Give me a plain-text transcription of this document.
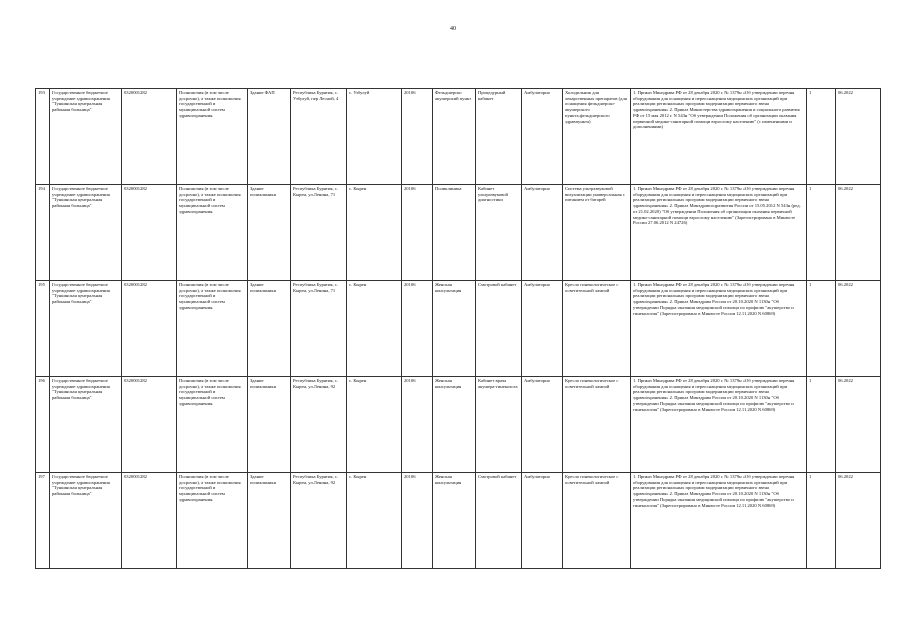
40
193	Государственное бюджетное учреждение здравоохранения "Тункинская центральная районная больница"	0320001282	Полномочия (в том числе досрочно), а также полномочия государственной и муниципальной систем здравоохранения.	Здание ФАП	Республика Бурятия, с. Узбулуй, пер Лесной, 4	с. Узбулуй	20106	Фельдшерско акушерский пункт	Процедурный кабинет	Амбулаторно	Холодильник для лекарственных препаратов (для оснащения фельдшерско-акушерского пункта,фельдшерского здравпункта)	1. Приказ Минздрава РФ от 28 декабря 2020 г. № 1379н «Об утверждении перечня оборудования для оснащения и переоснащения медицинских организаций при реализации региональных программ модернизации первичного звена здравоохранения» 2. Приказ Министерства здравоохранения и социального развития РФ от 15 мая 2012 г. N 543н "Об утверждении Положения об организации оказания первичной медико-санитарной помощи взрослому населению" (с изменениями и дополнениями)	1	06.2022
194	Государственное бюджетное учреждение здравоохранения "Тункинская центральная районная больница"	0320001282	Полномочия (в том числе досрочно), а также полномочия государственной и муниципальной систем здравоохранения.	Здание поликлиники	Республика Бурятия, с. Кырен, ул.Ленина, 71	с. Кырен	20106	Поликлиника	Кабинет ультразвуковой диагностики	Амбулаторно	Система ультразвуковой визуализации универсальная с питанием от батарей	1. Приказ Минздрава РФ от 28 декабря 2020 г. № 1379н «Об утверждении перечня оборудования для оснащения и переоснащения медицинских организаций при реализации региональных программ модернизации первичного звена здравоохранения» 2. Приказ Минздравсоцразвития России от 15.05.2012 N 543н (ред. от 21.02.2020) "Об утверждении Положения об организации оказания первичной медико-санитарной помощи взрослому населению" (Зарегистрировано в Минюсте России 27.06.2012 N 24726)	1	06.2022
195	Государственное бюджетное учреждение здравоохранения "Тункинская центральная районная больница"	0320001282	Полномочия (в том числе досрочно), а также полномочия государственной и муниципальной систем здравоохранения.	Здание поликлиники	Республика Бурятия, с. Кырен, ул.Ленина, 71	с. Кырен	20106	Женская консультация	Смотровой кабинет	Амбулаторно	Кресло гинекологическое с осветительной лампой	1. Приказ Минздрава РФ от 28 декабря 2020 г. № 1379н «Об утверждении перечня оборудования для оснащения и переоснащения медицинских организаций при реализации региональных программ модернизации первичного звена здравоохранения» 2. Приказ Минздрава России от 20.10.2020 N 1130н "Об утверждении Порядка оказания медицинской помощи по профилю "акушерство и гинекология" (Зарегистрировано в Минюсте России 12.11.2020 N 60869)	1	06.2022
196	Государственное бюджетное учреждение здравоохранения "Тункинская центральная районная больница"	0320001282	Полномочия (в том числе досрочно), а также полномочия государственной и муниципальной систем здравоохранения.	Здание поликлиники	Республика Бурятия, с. Кырен, ул.Ленина, 92	с. Кырен	20106	Женская консультация	Кабинет врача акушера-гинеколога	Амбулаторно	Кресло гинекологическое с осветительной лампой	1. Приказ Минздрава РФ от 28 декабря 2020 г. № 1379н «Об утверждении перечня оборудования для оснащения и переоснащения медицинских организаций при реализации региональных программ модернизации первичного звена здравоохранения» 2. Приказ Минздрава России от 20.10.2020 N 1130н "Об утверждении Порядка оказания медицинской помощи по профилю "акушерство и гинекология" (Зарегистрировано в Минюсте России 12.11.2020 N 60869)	1	06.2022
197	Государственное бюджетное учреждение здравоохранения "Тункинская центральная районная больница"	0320001282	Полномочия (в том числе досрочно), а также полномочия государственной и муниципальной систем здравоохранения.	Здание поликлиники	Республика Бурятия, с. Кырен, ул.Ленина, 92	с. Кырен	20106	Женская консультация	Смотровой кабинет	Амбулаторно	Кресло гинекологическое с осветительной лампой	1. Приказ Минздрава РФ от 28 декабря 2020 г. № 1379н «Об утверждении перечня оборудования для оснащения и переоснащения медицинских организаций при реализации региональных программ модернизации первичного звена здравоохранения» 2. Приказ Минздрава России от 20.10.2020 N 1130н "Об утверждении Порядка оказания медицинской помощи по профилю "акушерство и гинекология" (Зарегистрировано в Минюсте России 12.11.2020 N 60869)	1	06.2022
